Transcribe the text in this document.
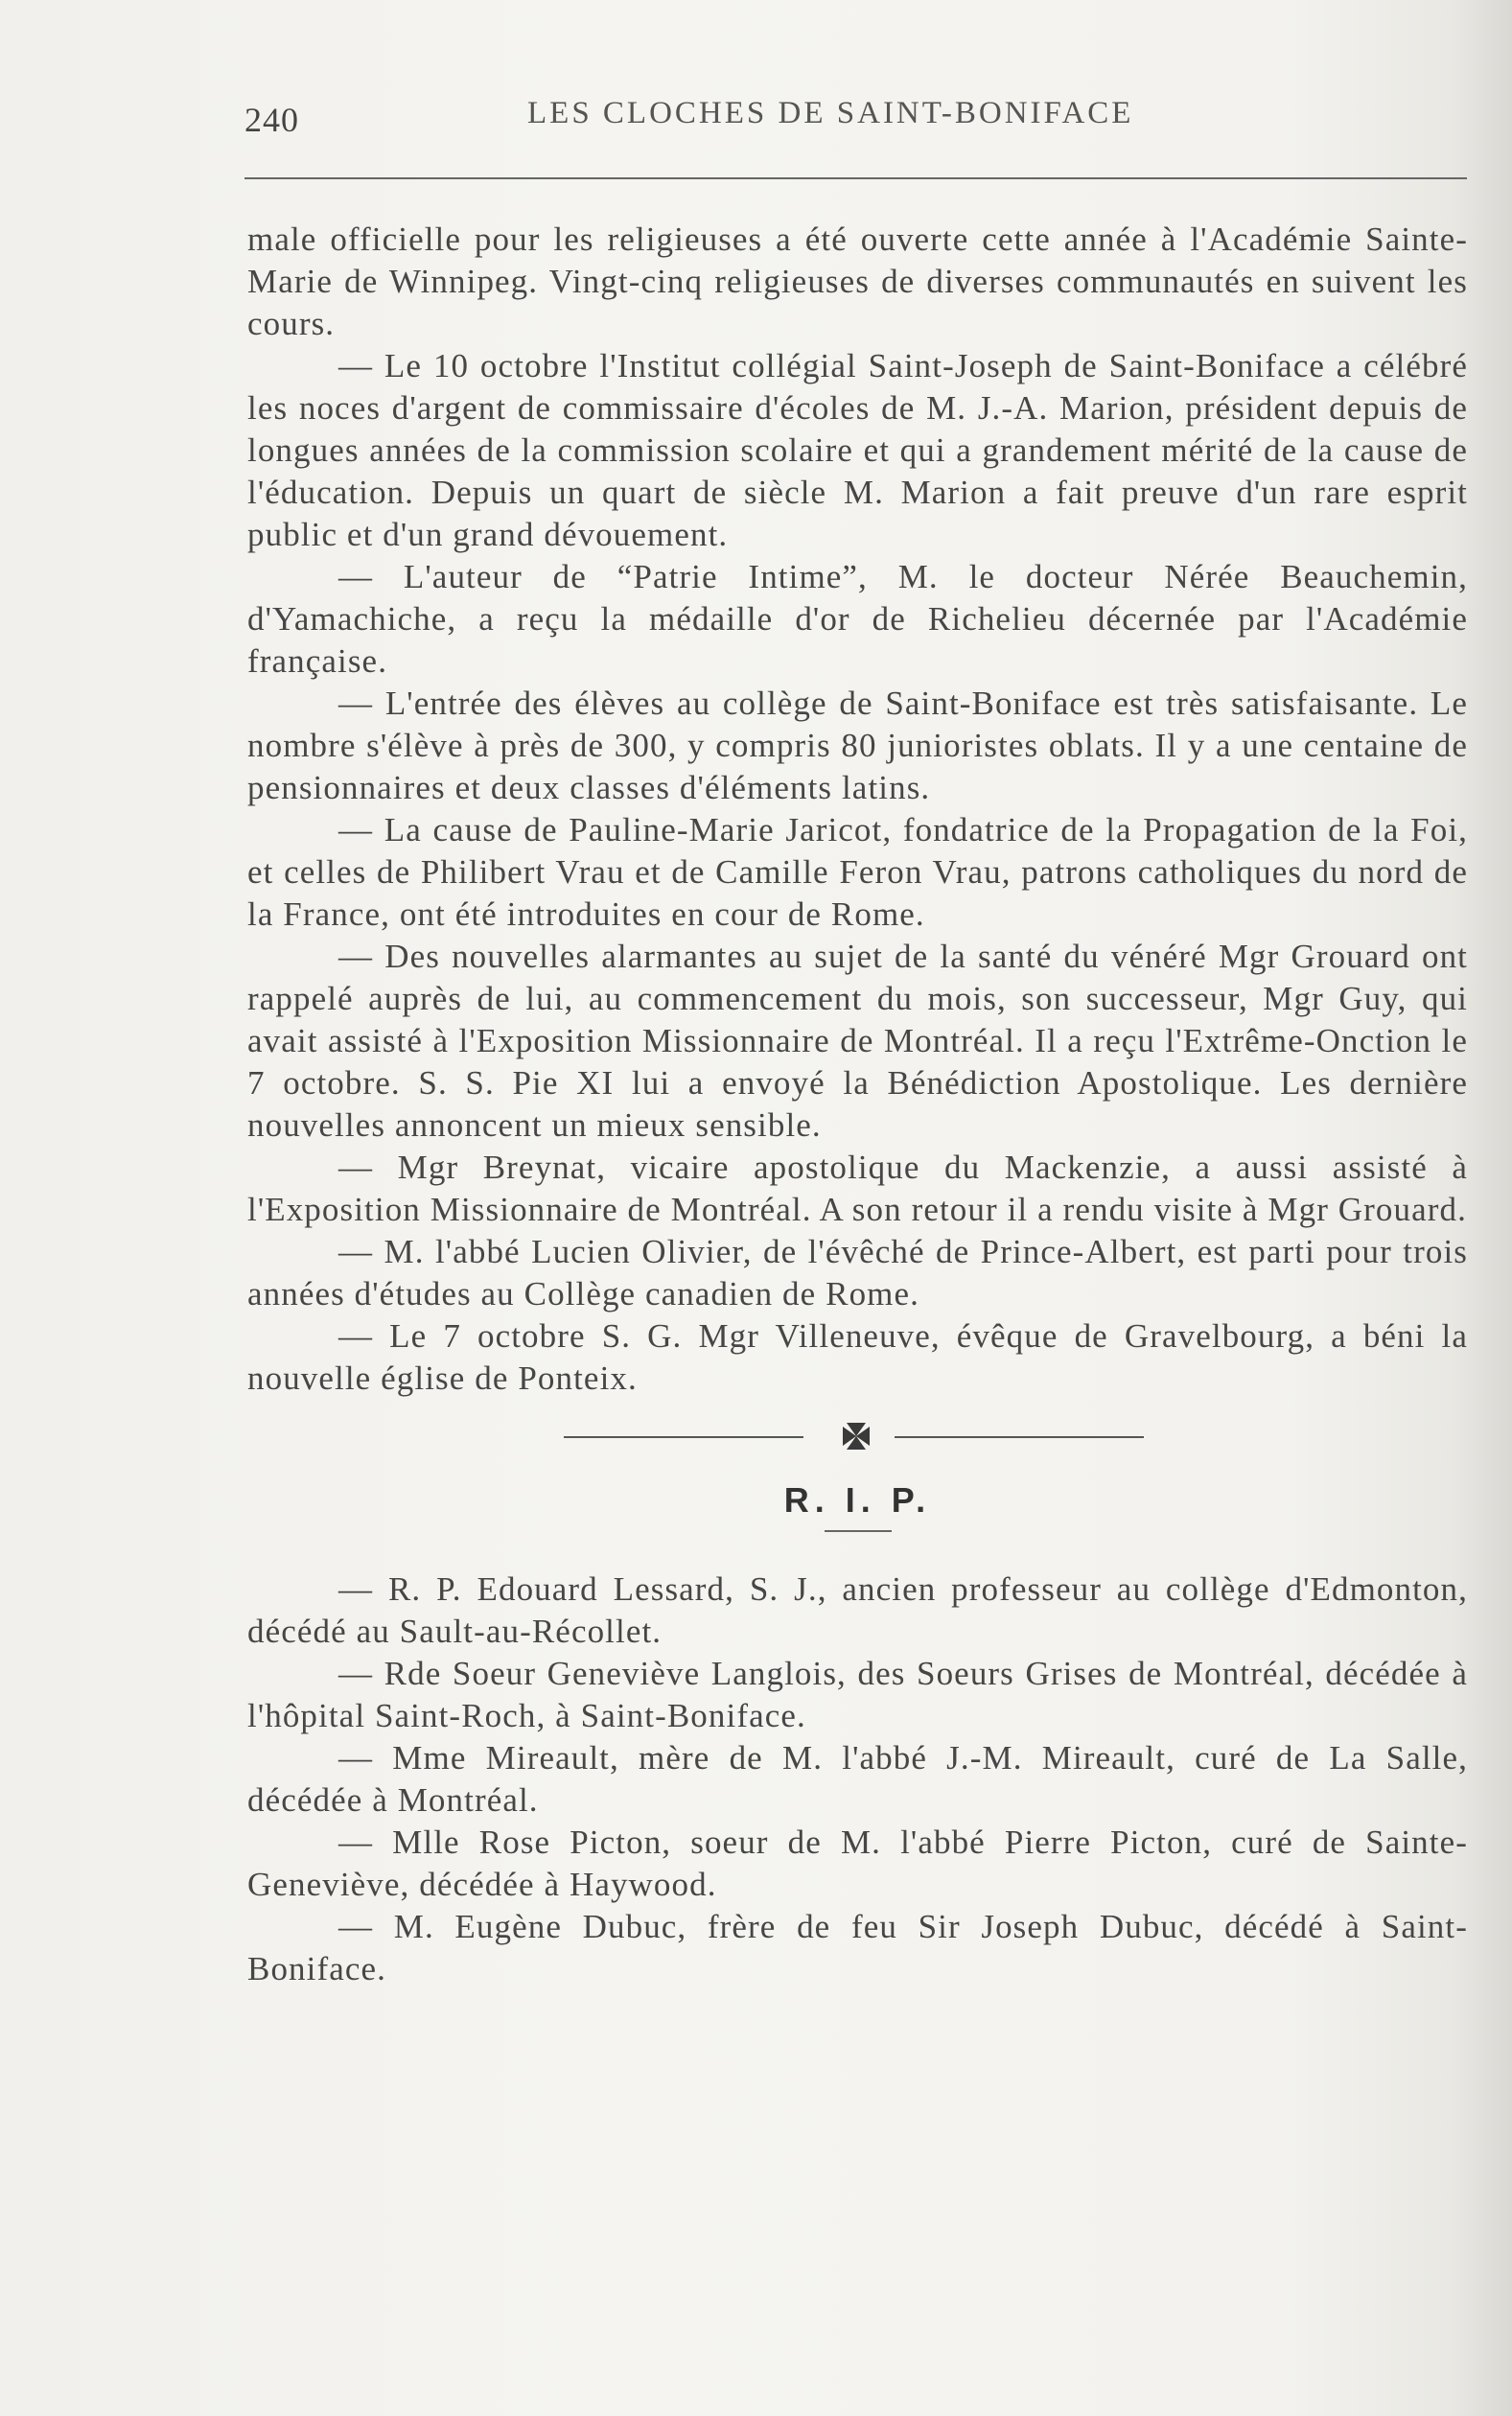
240	LES CLOCHES DE SAINT-BONIFACE

male officielle pour les religieuses a été ouverte cette année à l'Académie Sainte-Marie de Winnipeg. Vingt-cinq religieuses de diverses communautés en suivent les cours.

— Le 10 octobre l'Institut collégial Saint-Joseph de Saint-Boniface a célébré les noces d'argent de commissaire d'écoles de M. J.-A. Marion, président depuis de longues années de la commission scolaire et qui a grandement mérité de la cause de l'éducation. Depuis un quart de siècle M. Marion a fait preuve d'un rare esprit public et d'un grand dévouement.

— L'auteur de “Patrie Intime”, M. le docteur Nérée Beauchemin, d'Yamachiche, a reçu la médaille d'or de Richelieu décernée par l'Académie française.

— L'entrée des élèves au collège de Saint-Boniface est très satisfaisante. Le nombre s'élève à près de 300, y compris 80 junioristes oblats. Il y a une centaine de pensionnaires et deux classes d'éléments latins.

— La cause de Pauline-Marie Jaricot, fondatrice de la Propagation de la Foi, et celles de Philibert Vrau et de Camille Feron Vrau, patrons catholiques du nord de la France, ont été introduites en cour de Rome.

— Des nouvelles alarmantes au sujet de la santé du vénéré Mgr Grouard ont rappelé auprès de lui, au commencement du mois, son successeur, Mgr Guy, qui avait assisté à l'Exposition Missionnaire de Montréal. Il a reçu l'Extrême-Onction le 7 octobre. S. S. Pie XI lui a envoyé la Bénédiction Apostolique. Les dernière nouvelles annoncent un mieux sensible.

— Mgr Breynat, vicaire apostolique du Mackenzie, a aussi assisté à l'Exposition Missionnaire de Montréal. A son retour il a rendu visite à Mgr Grouard.

— M. l'abbé Lucien Olivier, de l'évêché de Prince-Albert, est parti pour trois années d'études au Collège canadien de Rome.

— Le 7 octobre S. G. Mgr Villeneuve, évêque de Gravelbourg, a béni la nouvelle église de Ponteix.

R. I. P.

— R. P. Edouard Lessard, S. J., ancien professeur au collège d'Edmonton, décédé au Sault-au-Récollet.

— Rde Soeur Geneviève Langlois, des Soeurs Grises de Montréal, décédée à l'hôpital Saint-Roch, à Saint-Boniface.

— Mme Mireault, mère de M. l'abbé J.-M. Mireault, curé de La Salle, décédée à Montréal.

— Mlle Rose Picton, soeur de M. l'abbé Pierre Picton, curé de Sainte-Geneviève, décédée à Haywood.

— M. Eugène Dubuc, frère de feu Sir Joseph Dubuc, décédé à Saint-Boniface.
